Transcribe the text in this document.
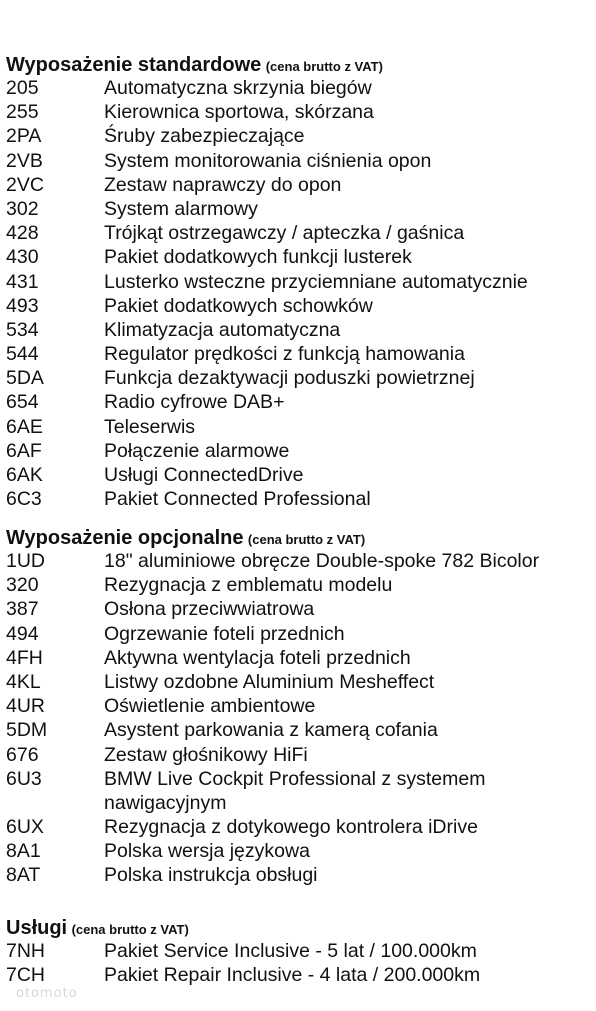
Wyposażenie standardowe (cena brutto z VAT)
205	Automatyczna skrzynia biegów
255	Kierownica sportowa, skórzana
2PA	Śruby zabezpieczające
2VB	System monitorowania ciśnienia opon
2VC	Zestaw naprawczy do opon
302	System alarmowy
428	Trójkąt ostrzegawczy / apteczka / gaśnica
430	Pakiet dodatkowych funkcji lusterek
431	Lusterko wsteczne przyciemniane automatycznie
493	Pakiet dodatkowych schowków
534	Klimatyzacja automatyczna
544	Regulator prędkości z funkcją hamowania
5DA	Funkcja dezaktywacji poduszki powietrznej
654	Radio cyfrowe DAB+
6AE	Teleserwis
6AF	Połączenie alarmowe
6AK	Usługi ConnectedDrive
6C3	Pakiet Connected Professional
Wyposażenie opcjonalne (cena brutto z VAT)
1UD	18" aluminiowe obręcze Double-spoke 782 Bicolor
320	Rezygnacja z emblematu modelu
387	Osłona przeciwwiatrowa
494	Ogrzewanie foteli przednich
4FH	Aktywna wentylacja foteli przednich
4KL	Listwy ozdobne Aluminium Mesheffect
4UR	Oświetlenie ambientowe
5DM	Asystent parkowania z kamerą cofania
676	Zestaw głośnikowy HiFi
6U3	BMW Live Cockpit Professional z systemem nawigacyjnym
6UX	Rezygnacja z dotykowego kontrolera iDrive
8A1	Polska wersja językowa
8AT	Polska instrukcja obsługi
Usługi (cena brutto z VAT)
7NH	Pakiet Service Inclusive - 5 lat / 100.000km
7CH	Pakiet Repair Inclusive - 4 lata / 200.000km
otomoto
